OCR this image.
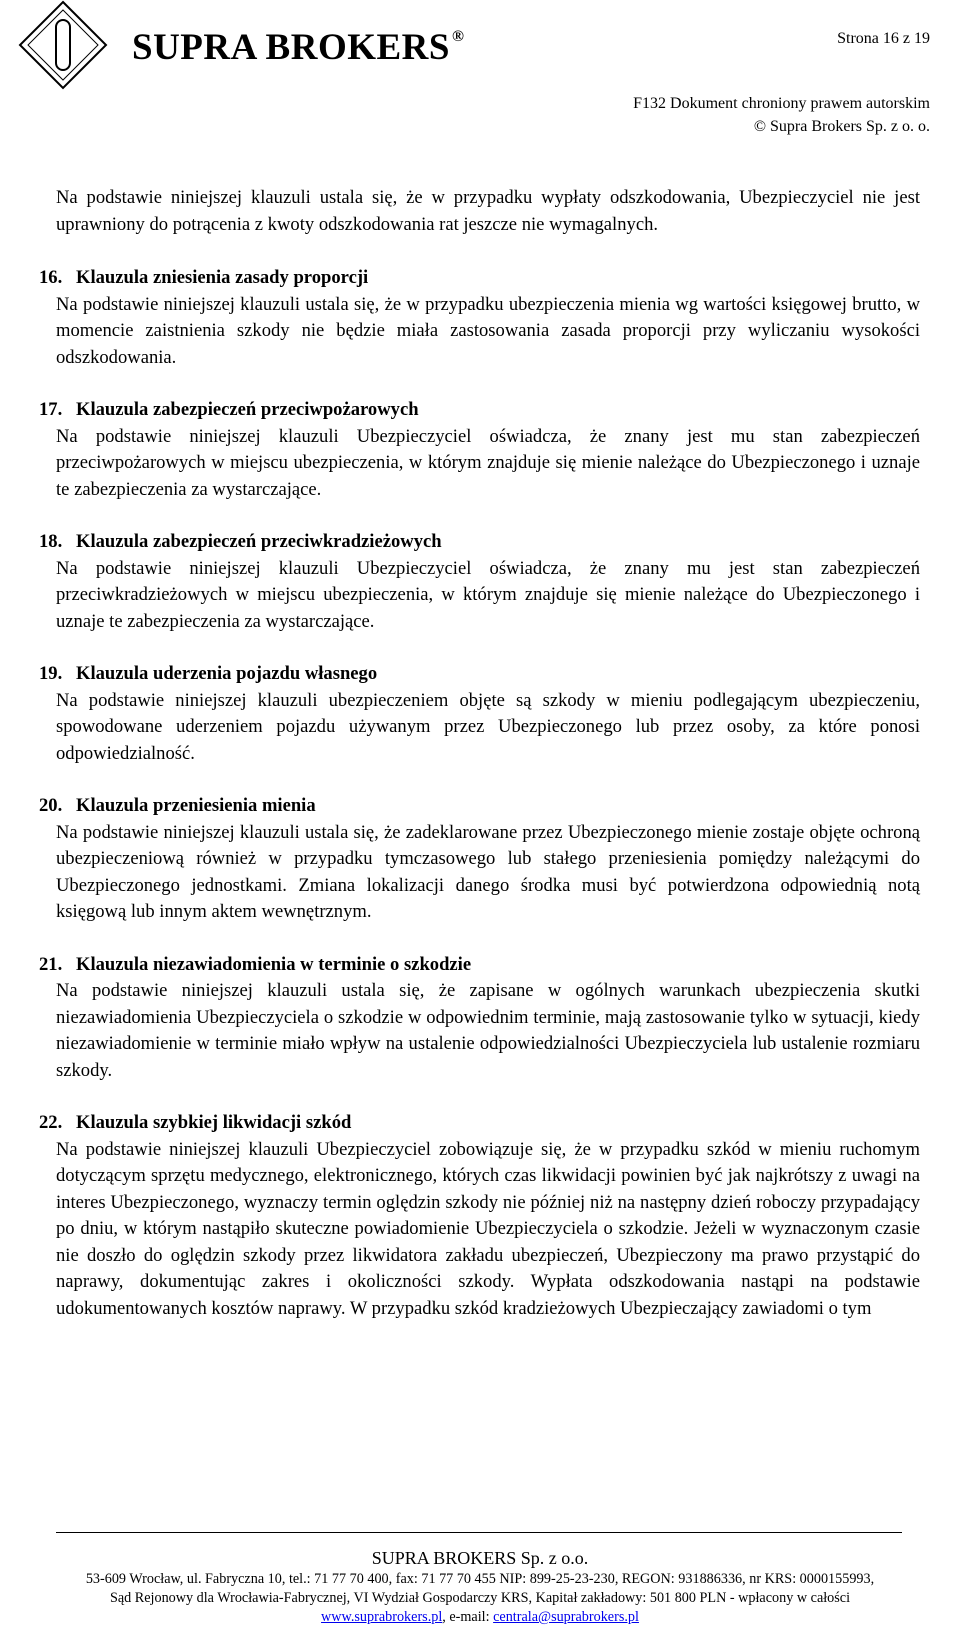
SUPRA BROKERS ®	Strona 16 z 19
F132 Dokument chroniony prawem autorskim
© Supra Brokers Sp. z o. o.

Na podstawie niniejszej klauzuli ustala się, że w przypadku wypłaty odszkodowania, Ubezpieczyciel nie jest uprawniony do potrącenia z kwoty odszkodowania rat jeszcze nie wymagalnych.

16. Klauzula zniesienia zasady proporcji

Na podstawie niniejszej klauzuli ustala się, że w przypadku ubezpieczenia mienia wg wartości księgowej brutto, w momencie zaistnienia szkody nie będzie miała zastosowania zasada proporcji przy wyliczaniu wysokości odszkodowania.

17. Klauzula zabezpieczeń przeciwpożarowych

Na podstawie niniejszej klauzuli Ubezpieczyciel oświadcza, że znany jest mu stan zabezpieczeń przeciwpożarowych w miejscu ubezpieczenia, w którym znajduje się mienie należące do Ubezpieczonego i uznaje te zabezpieczenia za wystarczające.

18. Klauzula zabezpieczeń przeciwkradzieżowych

Na podstawie niniejszej klauzuli Ubezpieczyciel oświadcza, że znany mu jest stan zabezpieczeń przeciwkradzieżowych w miejscu ubezpieczenia, w którym znajduje się mienie należące do Ubezpieczonego i uznaje te zabezpieczenia za wystarczające.

19. Klauzula uderzenia pojazdu własnego

Na podstawie niniejszej klauzuli ubezpieczeniem objęte są szkody w mieniu podlegającym ubezpieczeniu, spowodowane uderzeniem pojazdu używanym przez Ubezpieczonego lub przez osoby, za które ponosi odpowiedzialność.

20. Klauzula przeniesienia mienia

Na podstawie niniejszej klauzuli ustala się, że zadeklarowane przez Ubezpieczonego mienie zostaje objęte ochroną ubezpieczeniową również w przypadku tymczasowego lub stałego przeniesienia pomiędzy należącymi do Ubezpieczonego jednostkami. Zmiana lokalizacji danego środka musi być potwierdzona odpowiednią notą księgową lub innym aktem wewnętrznym.

21. Klauzula niezawiadomienia w terminie o szkodzie

Na podstawie niniejszej klauzuli ustala się, że zapisane w ogólnych warunkach ubezpieczenia skutki niezawiadomienia Ubezpieczyciela o szkodzie w odpowiednim terminie, mają zastosowanie tylko w sytuacji, kiedy niezawiadomienie w terminie miało wpływ na ustalenie odpowiedzialności Ubezpieczyciela lub ustalenie rozmiaru szkody.

22. Klauzula szybkiej likwidacji szkód

Na podstawie niniejszej klauzuli Ubezpieczyciel zobowiązuje się, że w przypadku szkód w mieniu ruchomym dotyczącym sprzętu medycznego, elektronicznego, których czas likwidacji powinien być jak najkrótszy z uwagi na interes Ubezpieczonego, wyznaczy termin oględzin szkody nie później niż na następny dzień roboczy przypadający po dniu, w którym nastąpiło skuteczne powiadomienie Ubezpieczyciela o szkodzie. Jeżeli w wyznaczonym czasie nie doszło do oględzin szkody przez likwidatora zakładu ubezpieczeń, Ubezpieczony ma prawo przystąpić do naprawy, dokumentując zakres i okoliczności szkody. Wypłata odszkodowania nastąpi na podstawie udokumentowanych kosztów naprawy. W przypadku szkód kradzieżowych Ubezpieczający zawiadomi o tym

SUPRA BROKERS Sp. z o.o.
53-609 Wrocław, ul. Fabryczna 10, tel.: 71 77 70 400, fax: 71 77 70 455 NIP: 899-25-23-230, REGON: 931886336, nr KRS: 0000155993,
Sąd Rejonowy dla Wrocławia-Fabrycznej, VI Wydział Gospodarczy KRS, Kapitał zakładowy: 501 800 PLN - wpłacony w całości
www.suprabrokers.pl, e-mail: centrala@suprabrokers.pl
